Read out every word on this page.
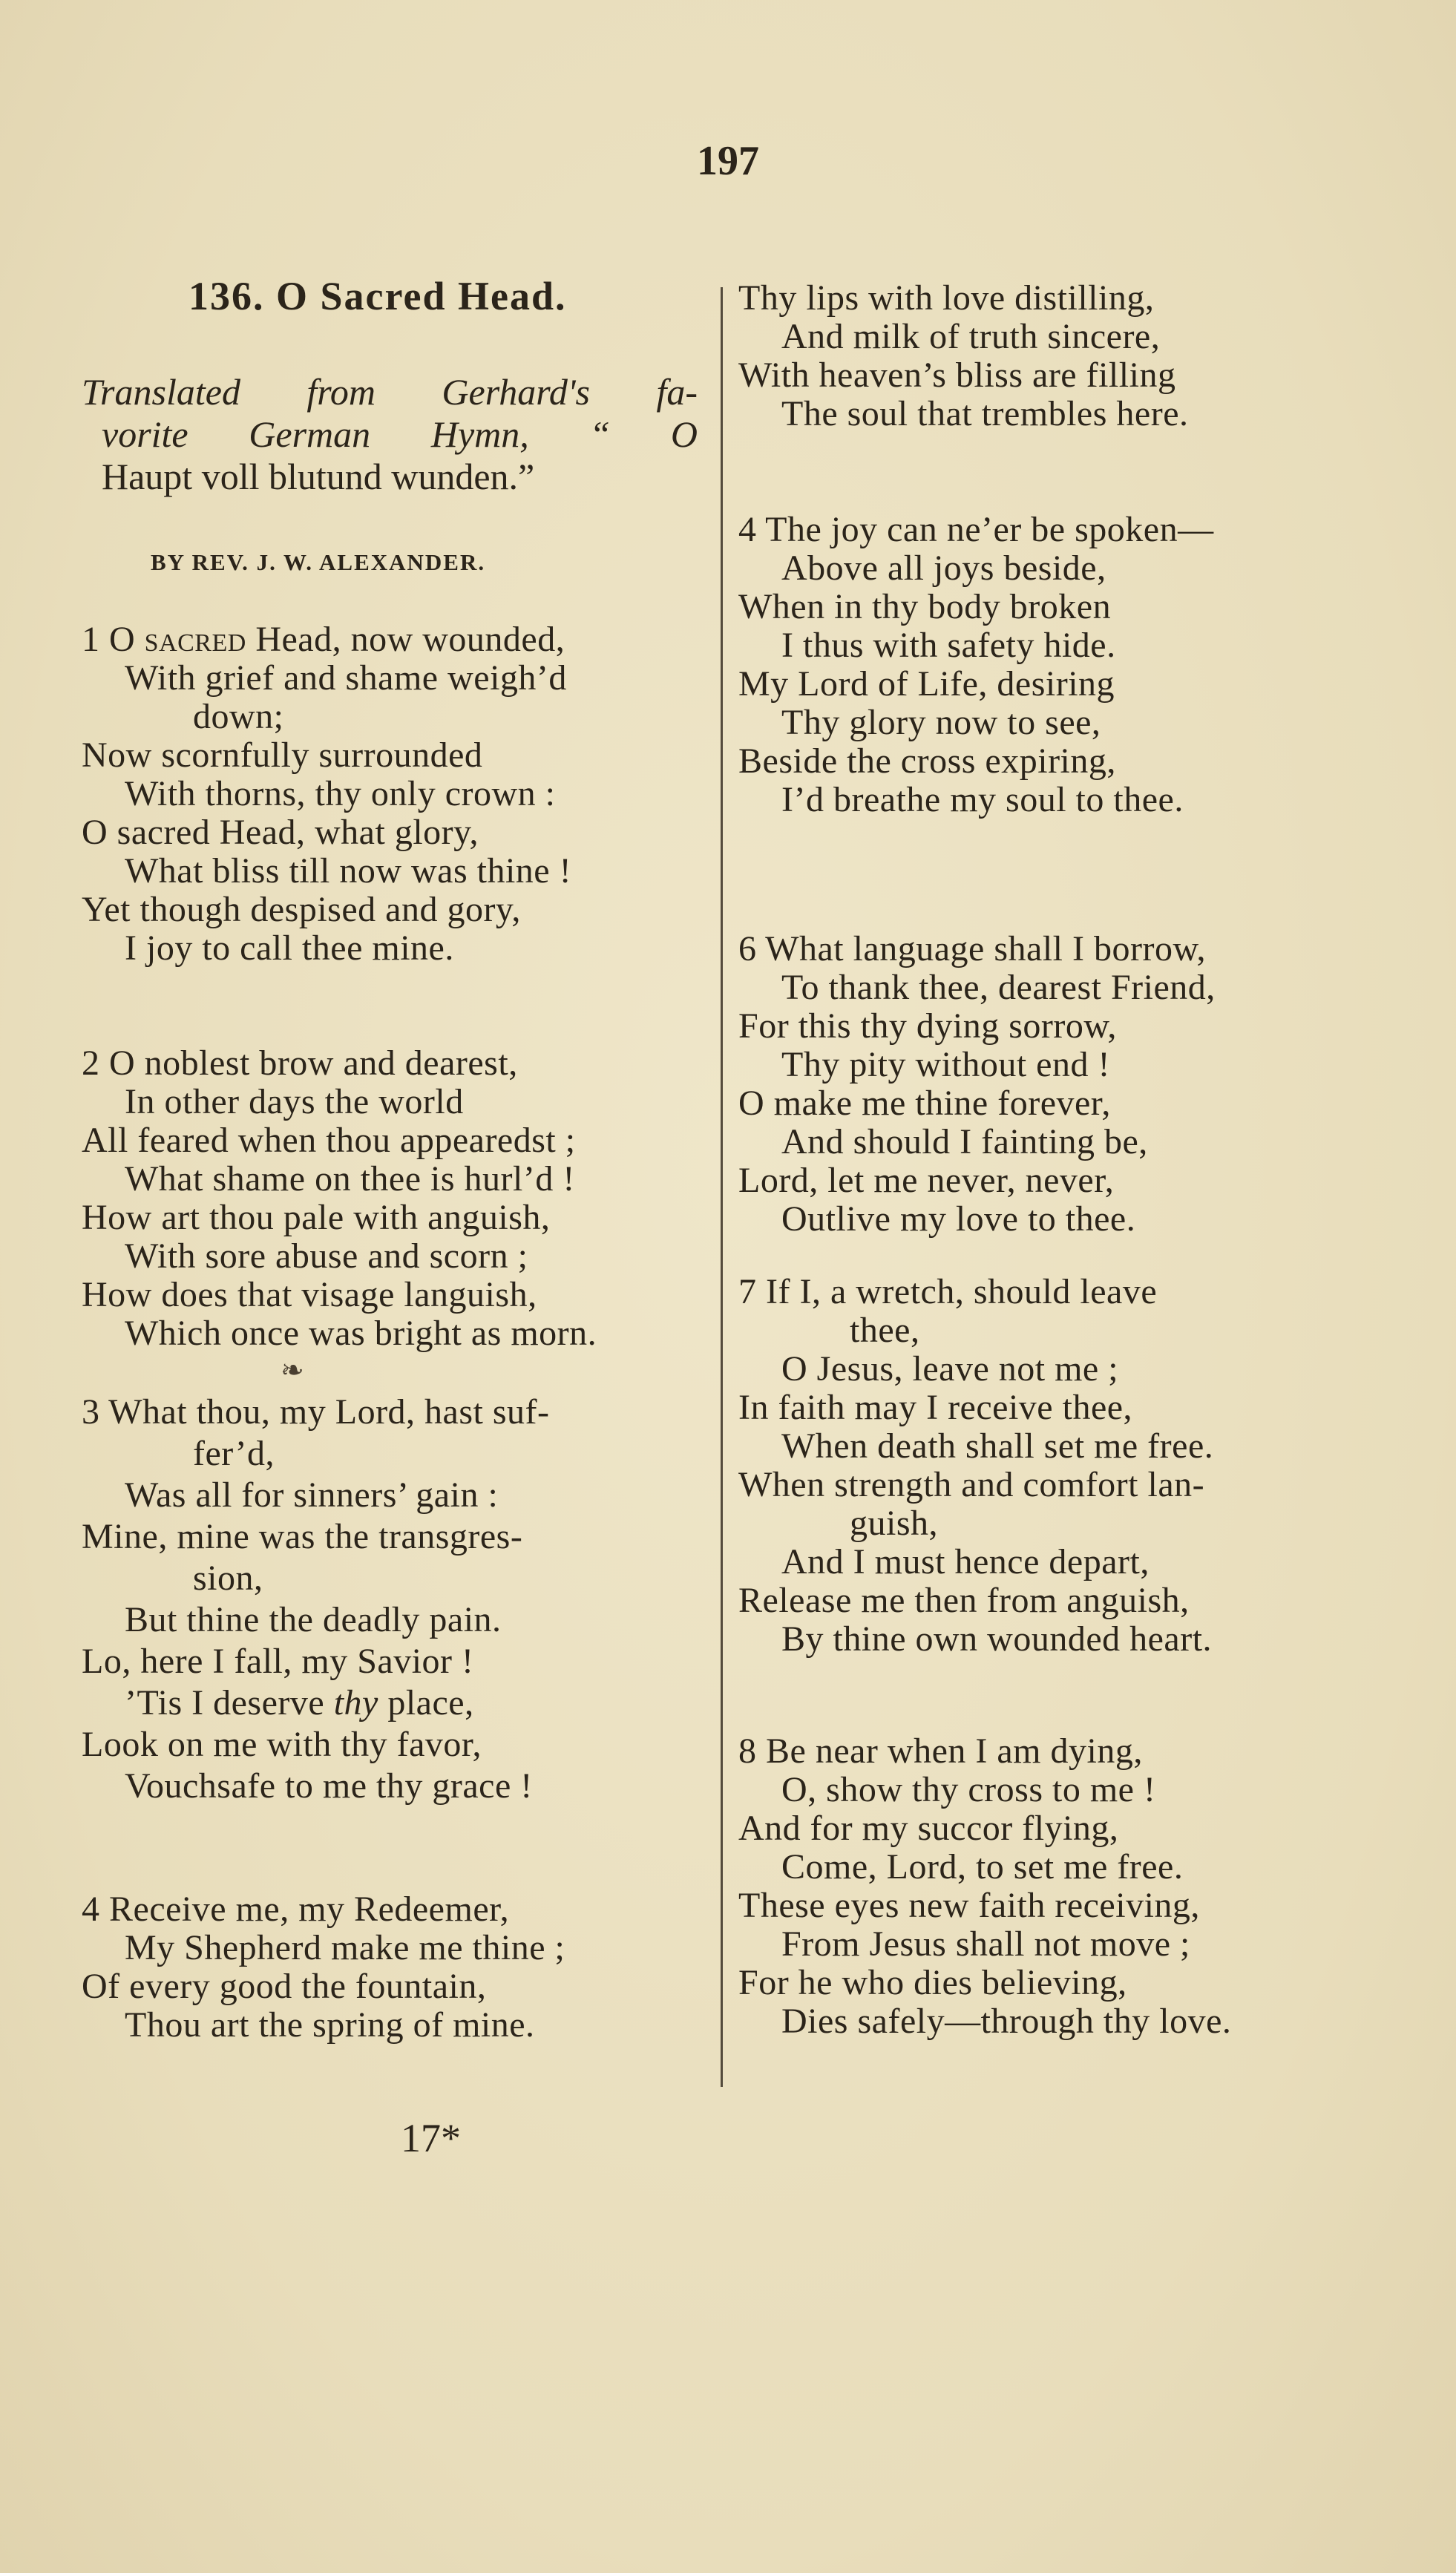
197
136. O Sacred Head.
Translated from Gerhard's fa-
vorite German Hymn, “ O
Haupt voll blutund wunden.”
BY REV. J. W. ALEXANDER.
1 O sacred Head, now wounded,
With grief and shame weigh’d
down;
Now scornfully surrounded
With thorns, thy only crown :
O sacred Head, what glory,
What bliss till now was thine !
Yet though despised and gory,
I joy to call thee mine.
2 O noblest brow and dearest,
In other days the world
All feared when thou appearedst ;
What shame on thee is hurl’d !
How art thou pale with anguish,
With sore abuse and scorn ;
How does that visage languish,
Which once was bright as morn.
❧
3 What thou, my Lord, hast suf-
fer’d,
Was all for sinners’ gain :
Mine, mine was the transgres-
sion,
But thine the deadly pain.
Lo, here I fall, my Savior !
’Tis I deserve thy place,
Look on me with thy favor,
Vouchsafe to me thy grace !
4 Receive me, my Redeemer,
My Shepherd make me thine ;
Of every good the fountain,
Thou art the spring of mine.
17*
Thy lips with love distilling,
And milk of truth sincere,
With heaven’s bliss are filling
The soul that trembles here.
4 The joy can ne’er be spoken—
Above all joys beside,
When in thy body broken
I thus with safety hide.
My Lord of Life, desiring
Thy glory now to see,
Beside the cross expiring,
I’d breathe my soul to thee.
6 What language shall I borrow,
To thank thee, dearest Friend,
For this thy dying sorrow,
Thy pity without end !
O make me thine forever,
And should I fainting be,
Lord, let me never, never,
Outlive my love to thee.
7 If I, a wretch, should leave
thee,
O Jesus, leave not me ;
In faith may I receive thee,
When death shall set me free.
When strength and comfort lan-
guish,
And I must hence depart,
Release me then from anguish,
By thine own wounded heart.
8 Be near when I am dying,
O, show thy cross to me !
And for my succor flying,
Come, Lord, to set me free.
These eyes new faith receiving,
From Jesus shall not move ;
For he who dies believing,
Dies safely—through thy love.
